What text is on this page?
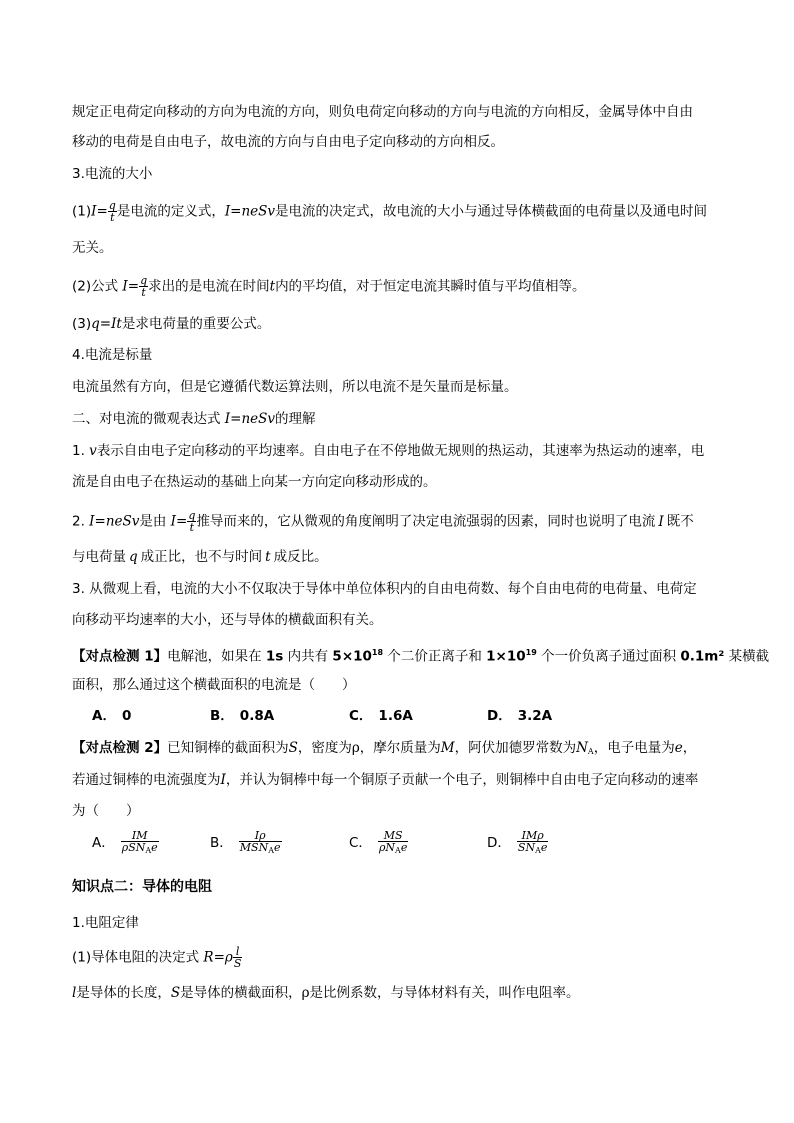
规定正电荷定向移动的方向为电流的方向，则负电荷定向移动的方向与电流的方向相反，金属导体中自由
移动的电荷是自由电子，故电流的方向与自由电子定向移动的方向相反。
3.电流的大小
$(1)I= \frac{q}{t}$ 是电流的定义式，I=neSv是电流的决定式，故电流的大小与通过导体横截面的电荷量以及通电时间
无关。
(2)公式 $I= \frac{q}{t}$ 求出的是电流在时间t内的平均值，对于恒定电流其瞬时值与平均值相等。
(3)q=It是求电荷量的重要公式。
4.电流是标量
电流虽然有方向，但是它遵循代数运算法则，所以电流不是矢量而是标量。
二、对电流的微观表达式 I=neSv的理解
1. v表示自由电子定向移动的平均速率。自由电子在不停地做无规则的热运动，其速率为热运动的速率，电
流是自由电子在热运动的基础上向某一方向定向移动形成的。
2. I=neSv是由 $I= \frac{q}{t}$ 推导而来的，它从微观的角度阐明了决定电流强弱的因素，同时也说明了电流 I 既不
与电荷量 q 成正比，也不与时间 t 成反比。
3. 从微观上看，电流的大小不仅取决于导体中单位体积内的自由电荷数、每个自由电荷的电荷量、电荷定
向移动平均速率的大小，还与导体的横截面积有关。
【对点检测 1】电解池，如果在 1s 内共有 $5\times 10^{18}$ 个二价正离子和 $1\times 10^{19}$ 个一价负离子通过面积 0.1m² 某横截
面积，那么通过这个横截面积的电流是（　　）
A． 0	B． 0.8A	C． 1.6A	D． 3.2A
【对点检测 2】已知铜棒的截面积为S，密度为ρ，摩尔质量为M，阿伏加德罗常数为$N_A$，电子电量为e，
若通过铜棒的电流强度为I，并认为铜棒中每一个铜原子贡献一个电子，则铜棒中自由电子定向移动的速率
为（　　）
A． $\frac{IM}{\rho SN_Ae}$	B． $\frac{I\rho}{MSN_Ae}$	C． $\frac{MS}{\rho N_Ae}$	D． $\frac{\text{IMρ}}{SN_Ae}$
知识点二：导体的电阻
1.电阻定律
(1)导体电阻的决定式 $R=\rho \frac{l}{S}$
l是导体的长度，S是导体的横截面积，ρ是比例系数，与导体材料有关，叫作电阻率。
